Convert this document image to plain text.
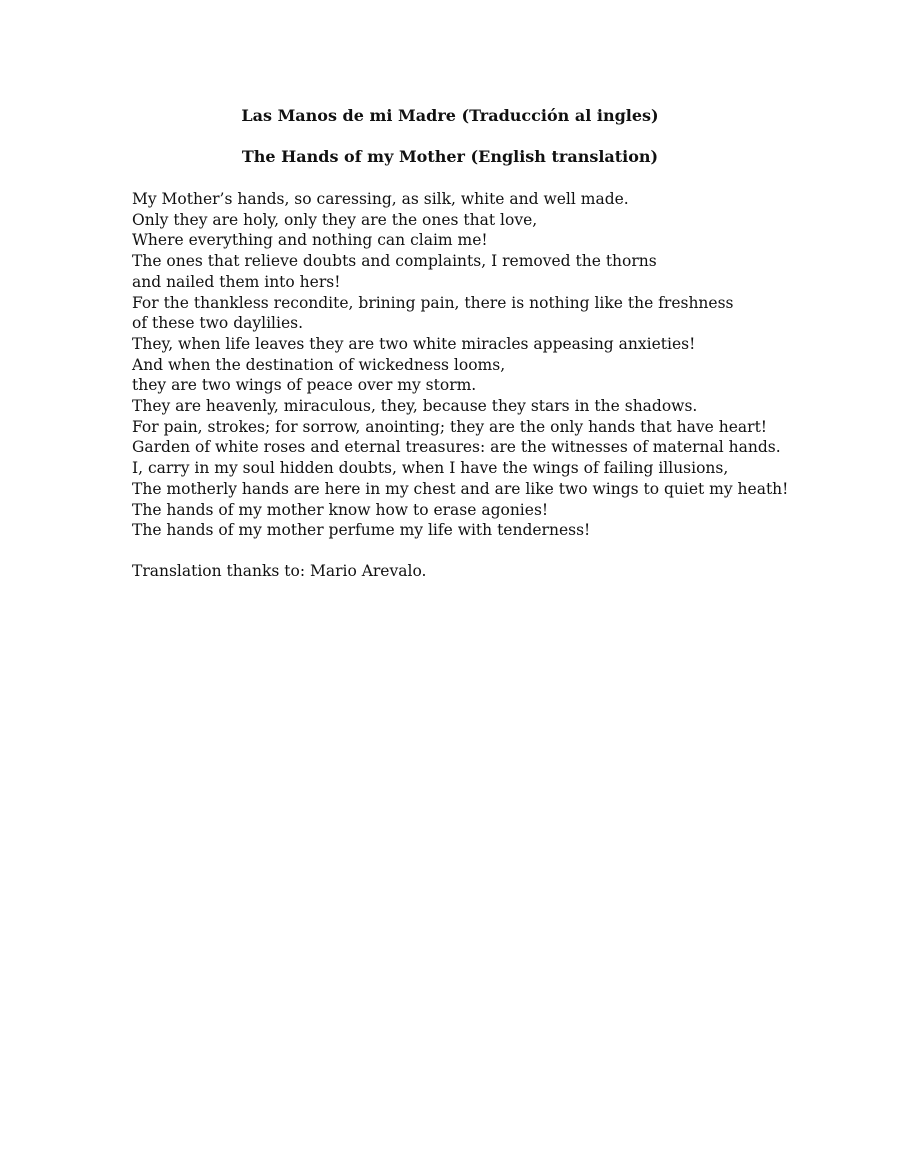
Las Manos de mi Madre (Traducción al ingles)
The Hands of my Mother (English translation)
My Mother’s hands, so caressing, as silk, white and well made.
Only they are holy, only they are the ones that love,
Where everything and nothing can claim me!
The ones that relieve doubts and complaints, I removed the thorns
and nailed them into hers!
For the thankless recondite, brining pain, there is nothing like the freshness
of these two daylilies.
They, when life leaves they are two white miracles appeasing anxieties!
And when the destination of wickedness looms,
they are two wings of peace over my storm.
They are heavenly, miraculous, they, because they stars in the shadows.
For pain, strokes; for sorrow, anointing; they are the only hands that have heart!
Garden of white roses and eternal treasures: are the witnesses of maternal hands.
I, carry in my soul hidden doubts, when I have the wings of failing illusions,
The motherly hands are here in my chest and are like two wings to quiet my heath!
The hands of my mother know how to erase agonies!
The hands of my mother perfume my life with tenderness!
Translation thanks to: Mario Arevalo.
